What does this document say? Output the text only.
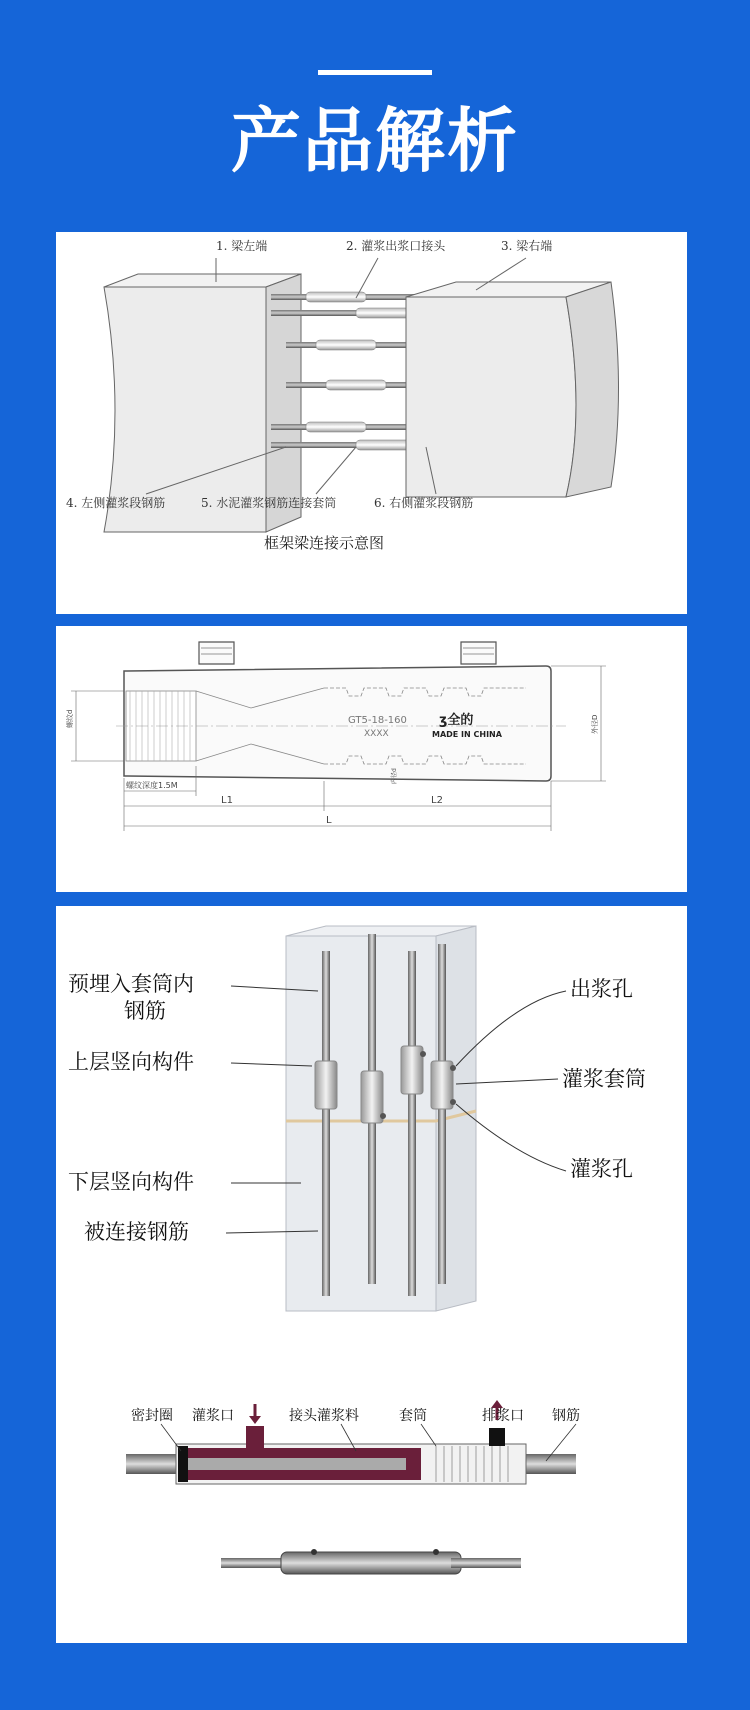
产品解析
1. 梁左端	2. 灌浆出浆口接头	3. 梁右端
4. 左侧灌浆段钢筋	5. 水泥灌浆钢筋连接套筒	6. 右侧灌浆段钢筋
框架梁连接示意图
GT5-18-160
XXXX
ʒ全的
MADE IN CHINA
螺纹d	外径D
内径d
螺纹深度1.5M
L1	L2
L
预埋入套筒内
钢筋
上层竖向构件
下层竖向构件
被连接钢筋
出浆孔
灌浆套筒
灌浆孔
密封圈 灌浆口	接头灌浆料	套筒	排浆口 钢筋
